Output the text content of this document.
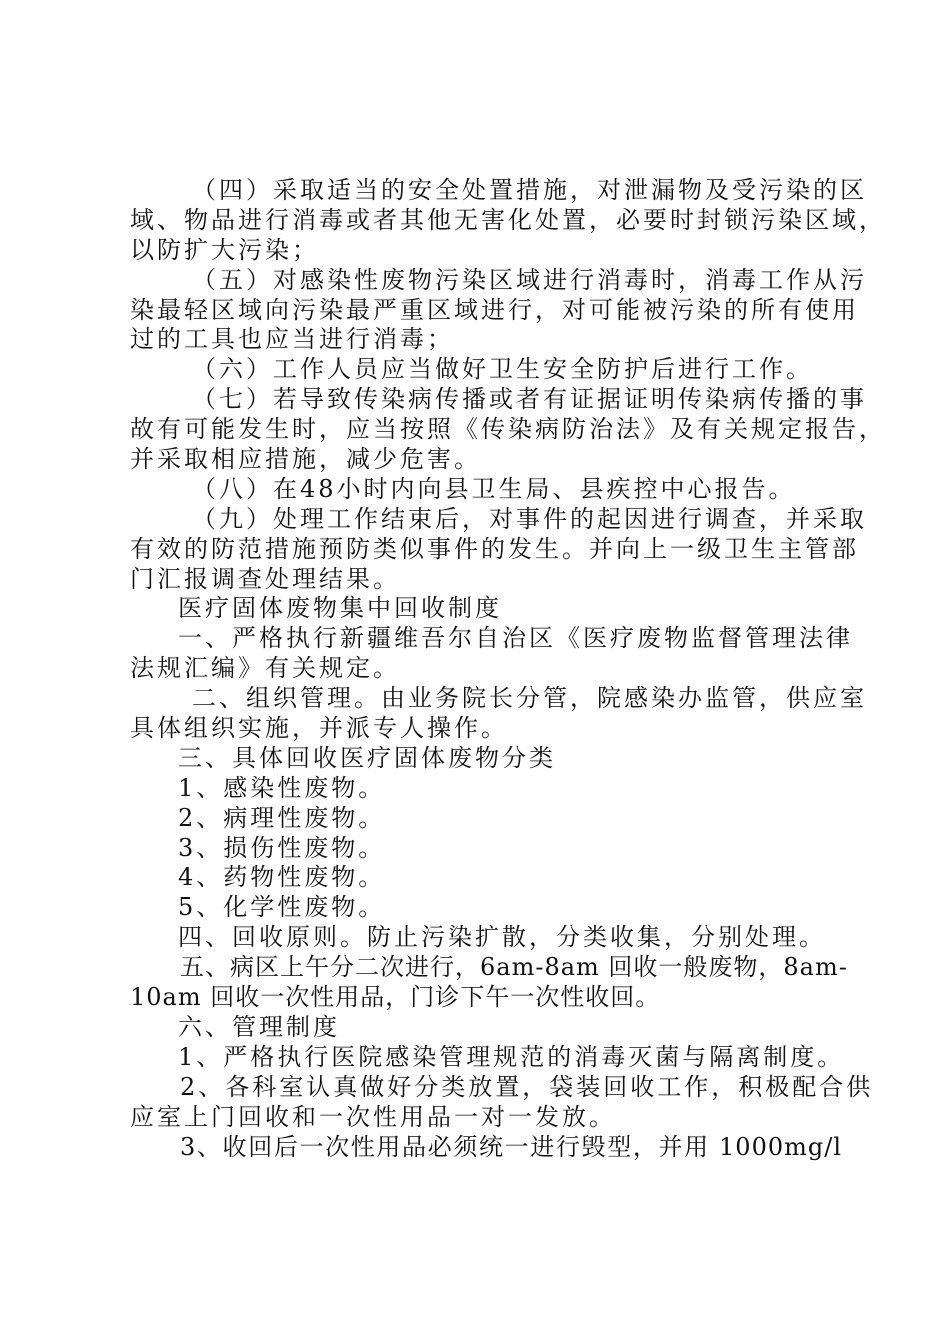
（四）采取适当的安全处置措施，对泄漏物及受污染的区
域、物品进行消毒或者其他无害化处置，必要时封锁污染区域，
以防扩大污染；
（五）对感染性废物污染区域进行消毒时，消毒工作从污
染最轻区域向污染最严重区域进行，对可能被污染的所有使用
过的工具也应当进行消毒；
（六）工作人员应当做好卫生安全防护后进行工作。
（七）若导致传染病传播或者有证据证明传染病传播的事
故有可能发生时，应当按照《传染病防治法》及有关规定报告，
并采取相应措施，减少危害。
（八）在48小时内向县卫生局、县疾控中心报告。
（九）处理工作结束后，对事件的起因进行调查，并采取
有效的防范措施预防类似事件的发生。并向上一级卫生主管部
门汇报调查处理结果。
医疗固体废物集中回收制度
一、严格执行新疆维吾尔自治区《医疗废物监督管理法律
法规汇编》有关规定。
二、组织管理。由业务院长分管，院感染办监管，供应室
具体组织实施，并派专人操作。
三、具体回收医疗固体废物分类
1、感染性废物。
2、病理性废物。
3、损伤性废物。
4、药物性废物。
5、化学性废物。
四、回收原则。防止污染扩散，分类收集，分别处理。
五、病区上午分二次进行，6am-8am 回收一般废物，8am-
10am 回收一次性用品，门诊下午一次性收回。
六、管理制度
1、严格执行医院感染管理规范的消毒灭菌与隔离制度。
2、各科室认真做好分类放置，袋装回收工作，积极配合供
应室上门回收和一次性用品一对一发放。
3、收回后一次性用品必须统一进行毁型，并用 1000mg/l
